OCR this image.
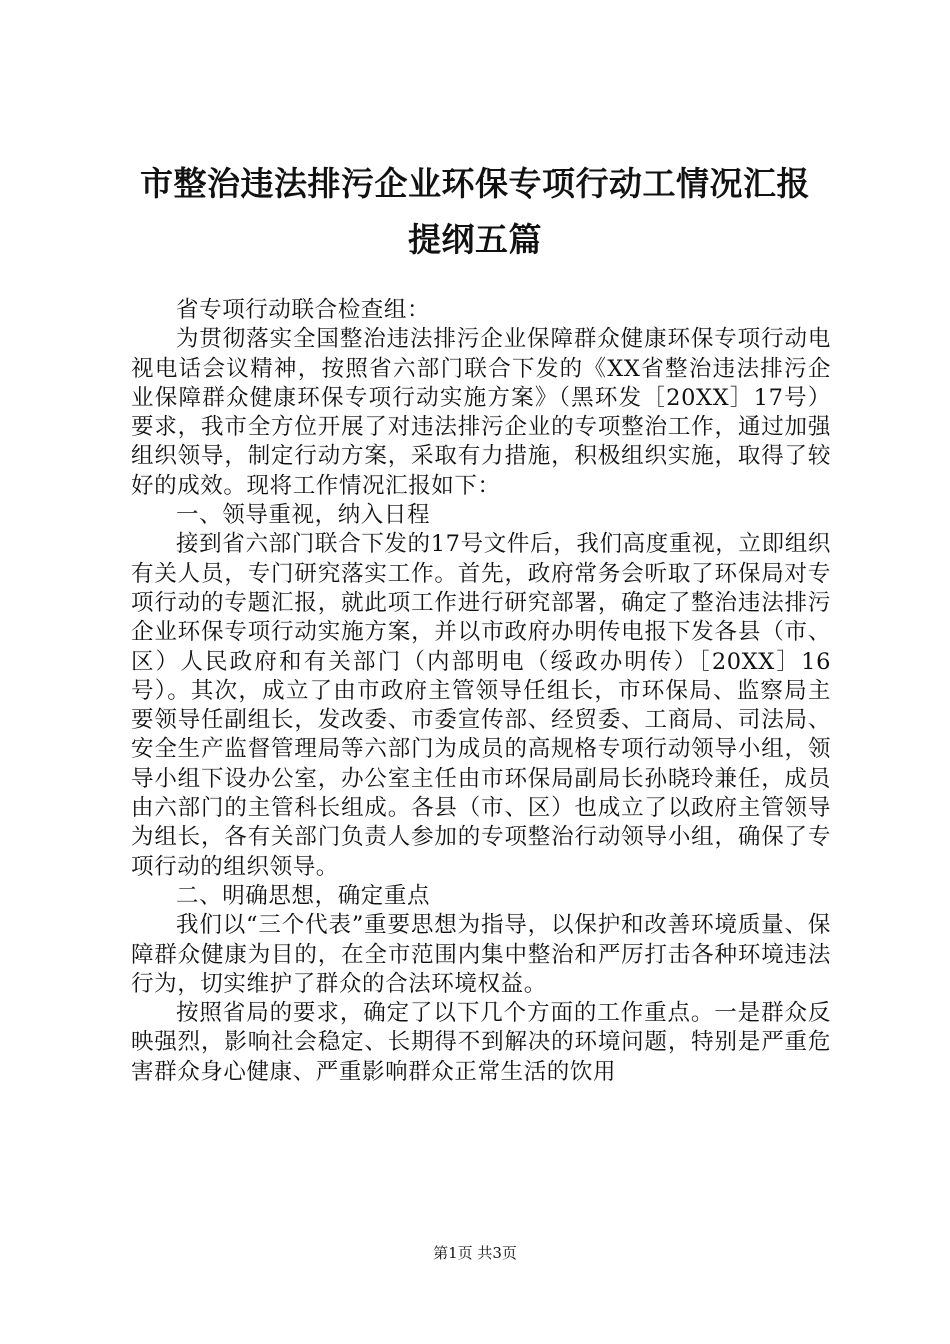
市整治违法排污企业环保专项行动工情况汇报
提纲五篇

省专项行动联合检查组：

为贯彻落实全国整治违法排污企业保障群众健康环保专项行动电视电话会议精神，按照省六部门联合下发的《XX省整治违法排污企业保障群众健康环保专项行动实施方案》（黑环发［20XX］17号）要求，我市全方位开展了对违法排污企业的专项整治工作，通过加强组织领导，制定行动方案，采取有力措施，积极组织实施，取得了较好的成效。现将工作情况汇报如下：

一、领导重视，纳入日程

接到省六部门联合下发的17号文件后，我们高度重视，立即组织有关人员，专门研究落实工作。首先，政府常务会听取了环保局对专项行动的专题汇报，就此项工作进行研究部署，确定了整治违法排污企业环保专项行动实施方案，并以市政府办明传电报下发各县（市、区）人民政府和有关部门（内部明电（绥政办明传）［20XX］16号）。其次，成立了由市政府主管领导任组长，市环保局、监察局主要领导任副组长，发改委、市委宣传部、经贸委、工商局、司法局、安全生产监督管理局等六部门为成员的高规格专项行动领导小组，领导小组下设办公室，办公室主任由市环保局副局长孙晓玲兼任，成员由六部门的主管科长组成。各县（市、区）也成立了以政府主管领导为组长，各有关部门负责人参加的专项整治行动领导小组，确保了专项行动的组织领导。

二、明确思想，确定重点

我们以“三个代表”重要思想为指导，以保护和改善环境质量、保障群众健康为目的，在全市范围内集中整治和严厉打击各种环境违法行为，切实维护了群众的合法环境权益。

按照省局的要求，确定了以下几个方面的工作重点。一是群众反映强烈，影响社会稳定、长期得不到解决的环境问题，特别是严重危害群众身心健康、严重影响群众正常生活的饮用

第1页 共3页
